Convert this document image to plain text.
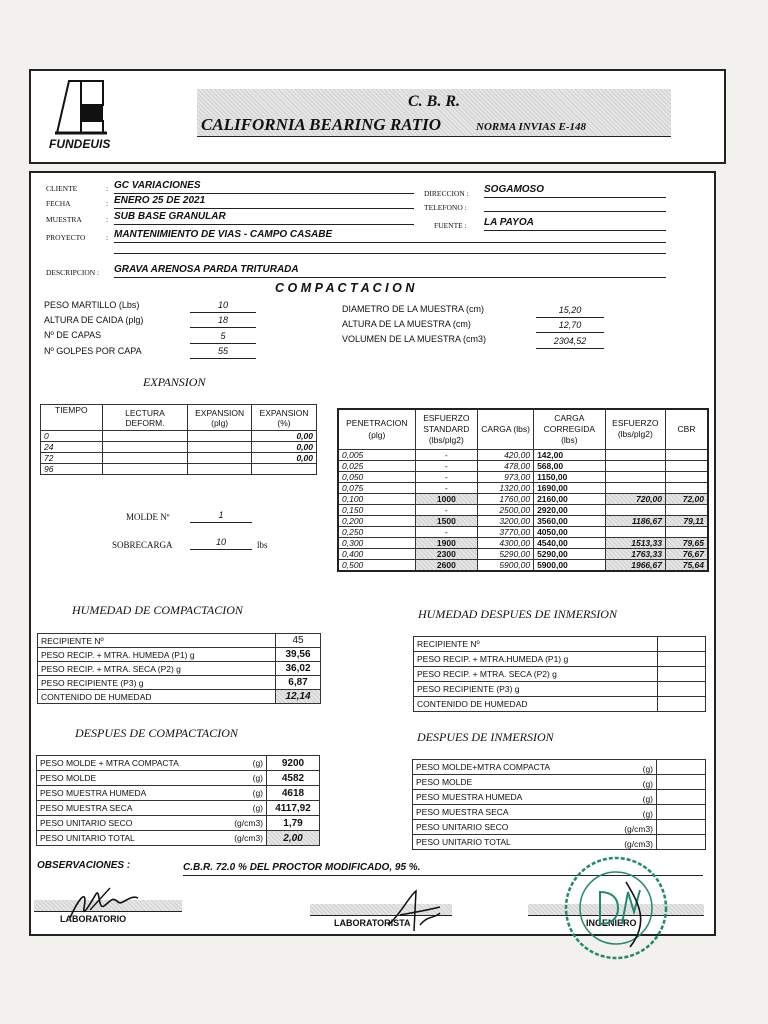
FUNDEUIS
C. B. R.
CALIFORNIA BEARING RATIO	NORMA INVIAS E-148
CLIENTE	: GC VARIACIONES
FECHA	: ENERO 25 DE 2021
MUESTRA	: SUB BASE GRANULAR
PROYECTO	: MANTENIMIENTO DE VIAS - CAMPO CASABE
DIRECCION : SOGAMOSO
TELEFONO :
FUENTE : LA PAYOA
DESCRIPCION : GRAVA ARENOSA PARDA TRITURADA
C O M P A C T A C I O N
PESO MARTILLO (Lbs)	10
ALTURA DE CAIDA (plg)	18
Nº DE CAPAS	5
Nº GOLPES POR CAPA	55
DIAMETRO DE LA MUESTRA (cm)	15,20
ALTURA DE LA MUESTRA (cm)	12,70
VOLUMEN DE LA MUESTRA (cm3)	2304,52
EXPANSION
TIEMPO	LECTURA DEFORM.	EXPANSION (plg)	EXPANSION (%)
0			0,00
24			0,00
72			0,00
96			
MOLDE Nº	1
SOBRECARGA	10	lbs
PENETRACION (plg)	ESFUERZO STANDARD (lbs/plg2)	CARGA (lbs)	CARGA CORREGIDA (lbs)	ESFUERZO (lbs/plg2)	CBR
0,005	-	420,00	142,00		
0,025	-	478,00	568,00		
0,050	-	973,00	1150,00		
0,075	-	1320,00	1690,00		
0,100	1000	1760,00	2160,00	720,00	72,00
0,150	-	2500,00	2920,00		
0,200	1500	3200,00	3560,00	1186,67	79,11
0,250	-	3770,00	4050,00		
0,300	1900	4300,00	4540,00	1513,33	79,65
0,400	2300	5290,00	5290,00	1763,33	76,67
0,500	2600	5900,00	5900,00	1966,67	75,64
HUMEDAD DE COMPACTACION
RECIPIENTE Nº	45
PESO RECIP. + MTRA. HUMEDA (P1) g	39,56
PESO RECIP. + MTRA. SECA (P2) g	36,02
PESO RECIPIENTE (P3) g	6,87
CONTENIDO DE HUMEDAD	12,14
HUMEDAD DESPUES DE INMERSION
RECIPIENTE Nº	
PESO RECIP. + MTRA.HUMEDA (P1) g	
PESO RECIP. + MTRA. SECA (P2) g	
PESO RECIPIENTE (P3) g	
CONTENIDO DE HUMEDAD	
DESPUES DE COMPACTACION
PESO MOLDE + MTRA COMPACTA	(g)	9200
PESO MOLDE	(g)	4582
PESO MUESTRA HUMEDA	(g)	4618
PESO MUESTRA SECA	(g)	4117,92
PESO UNITARIO SECO	(g/cm3)	1,79
PESO UNITARIO TOTAL	(g/cm3)	2,00
DESPUES DE INMERSION
PESO MOLDE+MTRA COMPACTA	(g)	
PESO MOLDE	(g)	
PESO MUESTRA HUMEDA	(g)	
PESO MUESTRA SECA	(g)	
PESO UNITARIO SECO	(g/cm3)	
PESO UNITARIO TOTAL	(g/cm3)	
OBSERVACIONES :	C.B.R. 72.0 % DEL PROCTOR MODIFICADO, 95 %.
LABORATORIO	LABORATORISTA	INGENIERO
